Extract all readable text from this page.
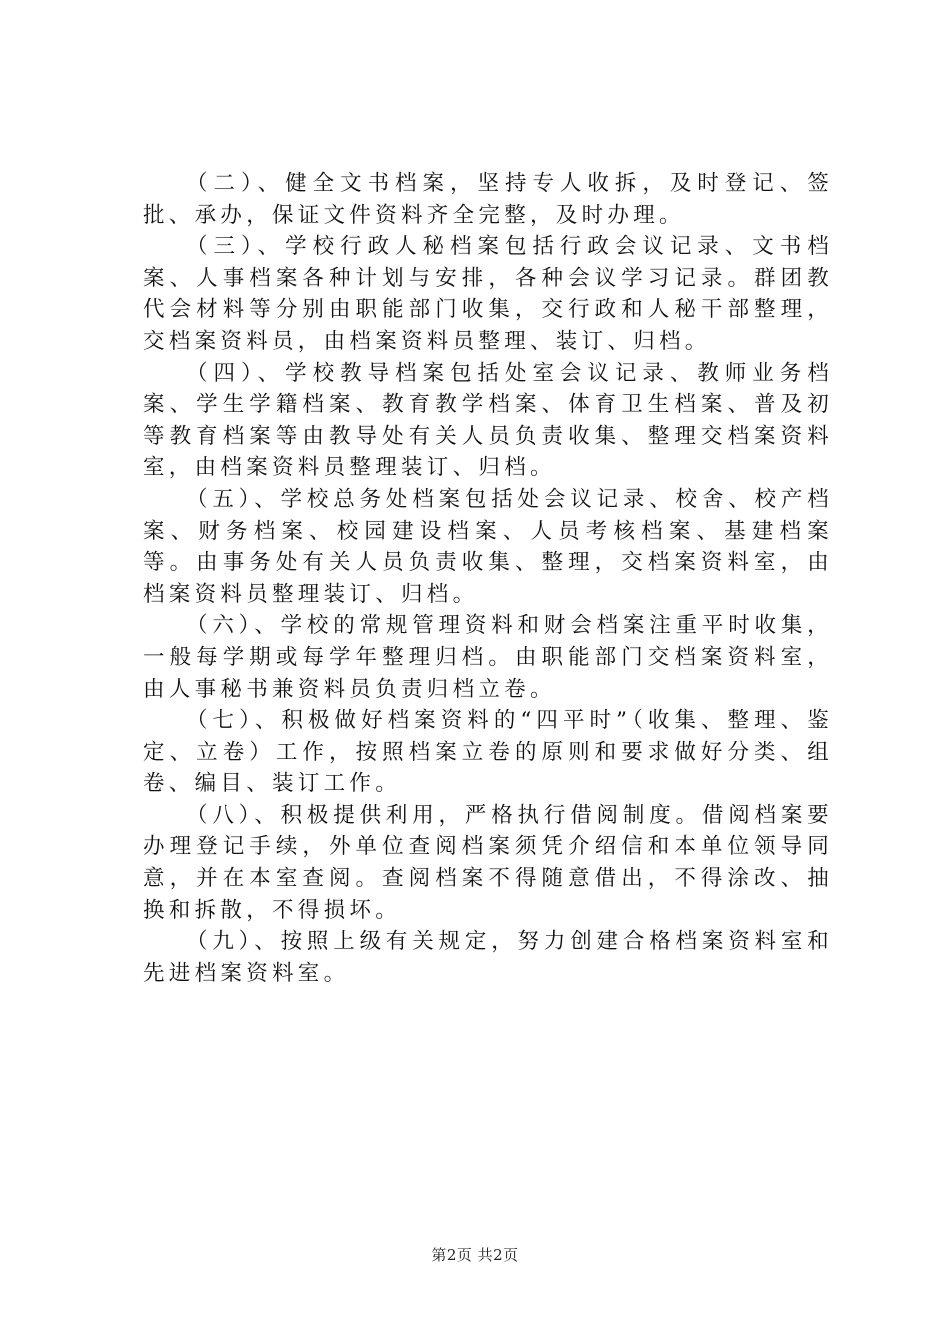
（二）、健全文书档案，坚持专人收拆，及时登记、签批、承办，保证文件资料齐全完整，及时办理。

（三）、学校行政人秘档案包括行政会议记录、文书档案、人事档案各种计划与安排，各种会议学习记录。群团教代会材料等分别由职能部门收集，交行政和人秘干部整理，交档案资料员，由档案资料员整理、装订、归档。

（四）、学校教导档案包括处室会议记录、教师业务档案、学生学籍档案、教育教学档案、体育卫生档案、普及初等教育档案等由教导处有关人员负责收集、整理交档案资料室，由档案资料员整理装订、归档。

（五）、学校总务处档案包括处会议记录、校舍、校产档案、财务档案、校园建设档案、人员考核档案、基建档案等。由事务处有关人员负责收集、整理，交档案资料室，由档案资料员整理装订、归档。

（六）、学校的常规管理资料和财会档案注重平时收集，一般每学期或每学年整理归档。由职能部门交档案资料室，由人事秘书兼资料员负责归档立卷。

（七）、积极做好档案资料的“四平时”（收集、整理、鉴定、立卷）工作，按照档案立卷的原则和要求做好分类、组卷、编目、装订工作。

（八）、积极提供利用，严格执行借阅制度。借阅档案要办理登记手续，外单位查阅档案须凭介绍信和本单位领导同意，并在本室查阅。查阅档案不得随意借出，不得涂改、抽换和拆散，不得损坏。

（九）、按照上级有关规定，努力创建合格档案资料室和先进档案资料室。

第2页 共2页
